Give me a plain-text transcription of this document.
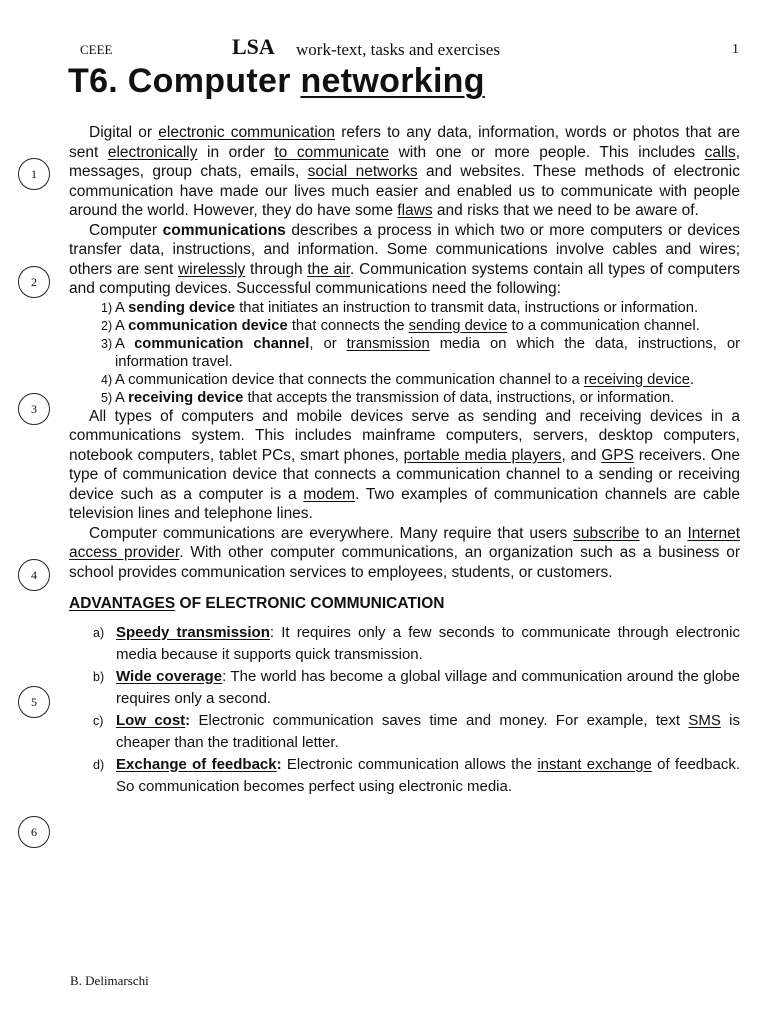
CEEE	LSA work-text, tasks and exercises	1
T6. Computer networking
1
2
3
4
5
6

Digital or electronic communication refers to any data, information, words or photos that are sent electronically in order to communicate with one or more people. This includes calls, messages, group chats, emails, social networks and websites. These methods of electronic communication have made our lives much easier and enabled us to communicate with people around the world. However, they do have some flaws and risks that we need to be aware of.

Computer communications describes a process in which two or more computers or devices transfer data, instructions, and information. Some communications involve cables and wires; others are sent wirelessly through the air. Communication systems contain all types of computers and computing devices. Successful communications need the following:

1) A sending device that initiates an instruction to transmit data, instructions or information.
2) A communication device that connects the sending device to a communication channel.
3) A communication channel, or transmission media on which the data, instructions, or information travel.
4) A communication device that connects the communication channel to a receiving device.
5) A receiving device that accepts the transmission of data, instructions, or information.

All types of computers and mobile devices serve as sending and receiving devices in a communications system. This includes mainframe computers, servers, desktop computers, notebook computers, tablet PCs, smart phones, portable media players, and GPS receivers. One type of communication device that connects a communication channel to a sending or receiving device such as a computer is a modem. Two examples of communication channels are cable television lines and telephone lines.

Computer communications are everywhere. Many require that users subscribe to an Internet access provider. With other computer communications, an organization such as a business or school provides communication services to employees, students, or customers.

ADVANTAGES OF ELECTRONIC COMMUNICATION
a) Speedy transmission: It requires only a few seconds to communicate through electronic media because it supports quick transmission.
b) Wide coverage: The world has become a global village and communication around the globe requires only a second.
c) Low cost: Electronic communication saves time and money. For example, text SMS is cheaper than the traditional letter.
d) Exchange of feedback: Electronic communication allows the instant exchange of feedback. So communication becomes perfect using electronic media.
B. Delimarschi
